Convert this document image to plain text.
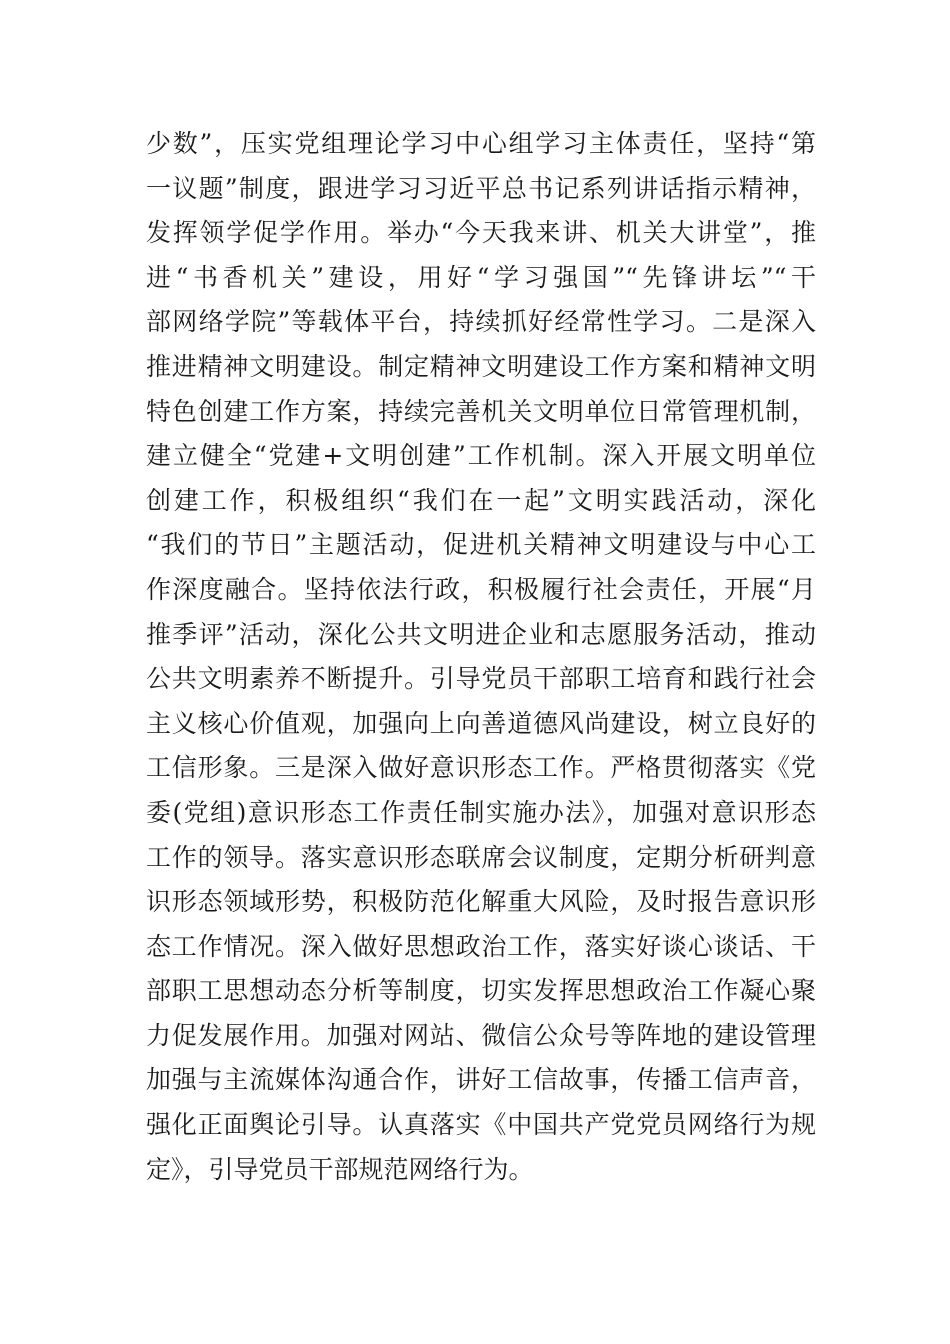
少数”，压实党组理论学习中心组学习主体责任，坚持“第
一议题”制度，跟进学习习近平总书记系列讲话指示精神，
发挥领学促学作用。举办“今天我来讲、机关大讲堂”，推
进“书香机关”建设，用好“学习强国”“先锋讲坛”“干
部网络学院”等载体平台，持续抓好经常性学习。二是深入
推进精神文明建设。制定精神文明建设工作方案和精神文明
特色创建工作方案，持续完善机关文明单位日常管理机制，
建立健全“党建+文明创建”工作机制。深入开展文明单位
创建工作，积极组织“我们在一起”文明实践活动，深化
“我们的节日”主题活动，促进机关精神文明建设与中心工
作深度融合。坚持依法行政，积极履行社会责任，开展“月
推季评”活动，深化公共文明进企业和志愿服务活动，推动
公共文明素养不断提升。引导党员干部职工培育和践行社会
主义核心价值观，加强向上向善道德风尚建设，树立良好的
工信形象。三是深入做好意识形态工作。严格贯彻落实《党
委(党组)意识形态工作责任制实施办法》，加强对意识形态
工作的领导。落实意识形态联席会议制度，定期分析研判意
识形态领域形势，积极防范化解重大风险，及时报告意识形
态工作情况。深入做好思想政治工作，落实好谈心谈话、干
部职工思想动态分析等制度，切实发挥思想政治工作凝心聚
力促发展作用。加强对网站、微信公众号等阵地的建设管理
加强与主流媒体沟通合作，讲好工信故事，传播工信声音，
强化正面舆论引导。认真落实《中国共产党党员网络行为规
定》，引导党员干部规范网络行为。
